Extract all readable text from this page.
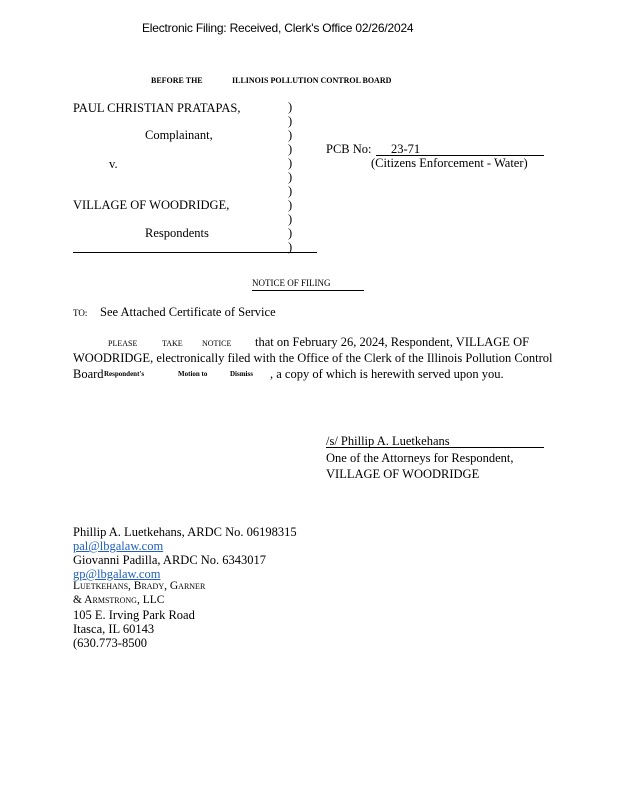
Electronic Filing: Received, Clerk's Office 02/26/2024
BEFORE THE	ILLINOIS POLLUTION CONTROL BOARD
PAUL CHRISTIAN PRATAPAS,
Complainant,
v.
VILLAGE OF WOODRIDGE,
Respondents
)
)
)
)
)
)
)
)
)
)
)
PCB No: 23-71
(Citizens Enforcement - Water)
NOTICE OF FILING
TO: See Attached Certificate of Service
PLEASE	TAKE NOTICE that on February 26, 2024, Respondent, VILLAGE OF
WOODRIDGE, electronically filed with the Office of the Clerk of the Illinois Pollution Control
Board Respondent's	Motion to	Dismiss , a copy of which is herewith served upon you.
/s/ Phillip A. Luetkehans
One of the Attorneys for Respondent,
VILLAGE OF WOODRIDGE
Phillip A. Luetkehans, ARDC No. 06198315
pal@lbgalaw.com
Giovanni Padilla, ARDC No. 6343017
gp@lbgalaw.com
Luetkehans, Brady, Garner
& Armstrong, LLC
105 E. Irving Park Road
Itasca, IL 60143
(630.773-8500
